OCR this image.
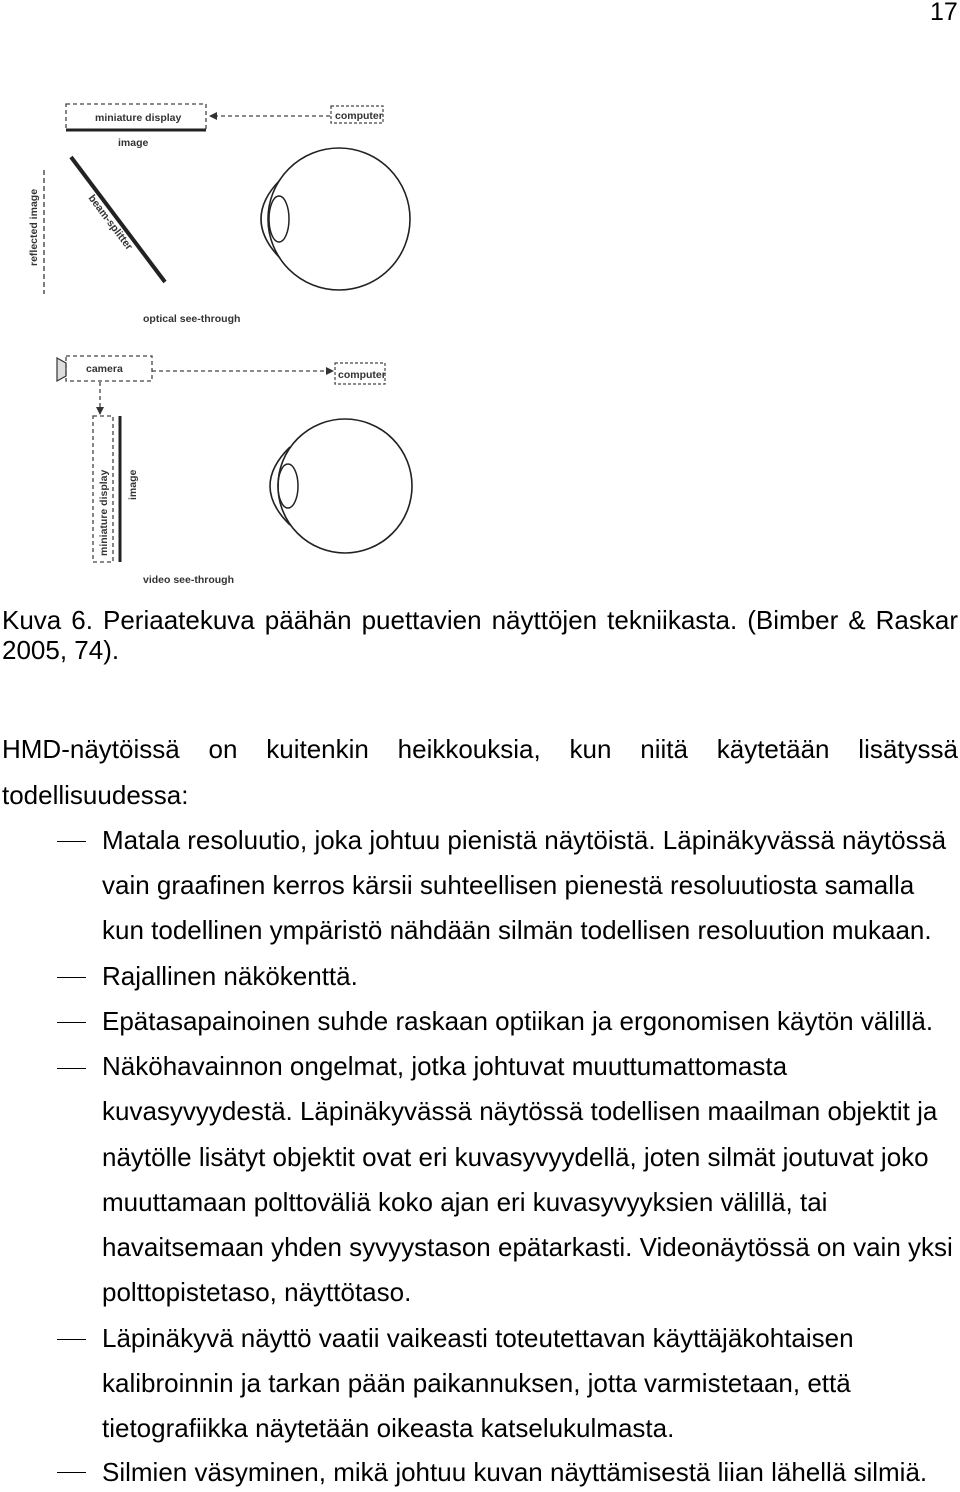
17
miniature display
image
computer
reflected image	beam-splitter
optical see-through
camera	computer
miniature display image
video see-through
Kuva 6. Periaatekuva päähän puettavien näyttöjen tekniikasta. (Bimber & Raskar
2005, 74).
HMD-näytöissä on kuitenkin heikkouksia, kun niitä käytetään lisätyssä
todellisuudessa:
Matala resoluutio, joka johtuu pienistä näytöistä. Läpinäkyvässä näytössä
vain graafinen kerros kärsii suhteellisen pienestä resoluutiosta samalla
kun todellinen ympäristö nähdään silmän todellisen resoluution mukaan.
Rajallinen näkökenttä.
Epätasapainoinen suhde raskaan optiikan ja ergonomisen käytön välillä.
Näköhavainnon ongelmat, jotka johtuvat muuttumattomasta
kuvasyvyydestä. Läpinäkyvässä näytössä todellisen maailman objektit ja
näytölle lisätyt objektit ovat eri kuvasyvyydellä, joten silmät joutuvat joko
muuttamaan polttoväliä koko ajan eri kuvasyvyyksien välillä, tai
havaitsemaan yhden syvyystason epätarkasti. Videonäytössä on vain yksi
polttopistetaso, näyttötaso.
Läpinäkyvä näyttö vaatii vaikeasti toteutettavan käyttäjäkohtaisen
kalibroinnin ja tarkan pään paikannuksen, jotta varmistetaan, että
tietografiikka näytetään oikeasta katselukulmasta.
Silmien väsyminen, mikä johtuu kuvan näyttämisestä liian lähellä silmiä.
